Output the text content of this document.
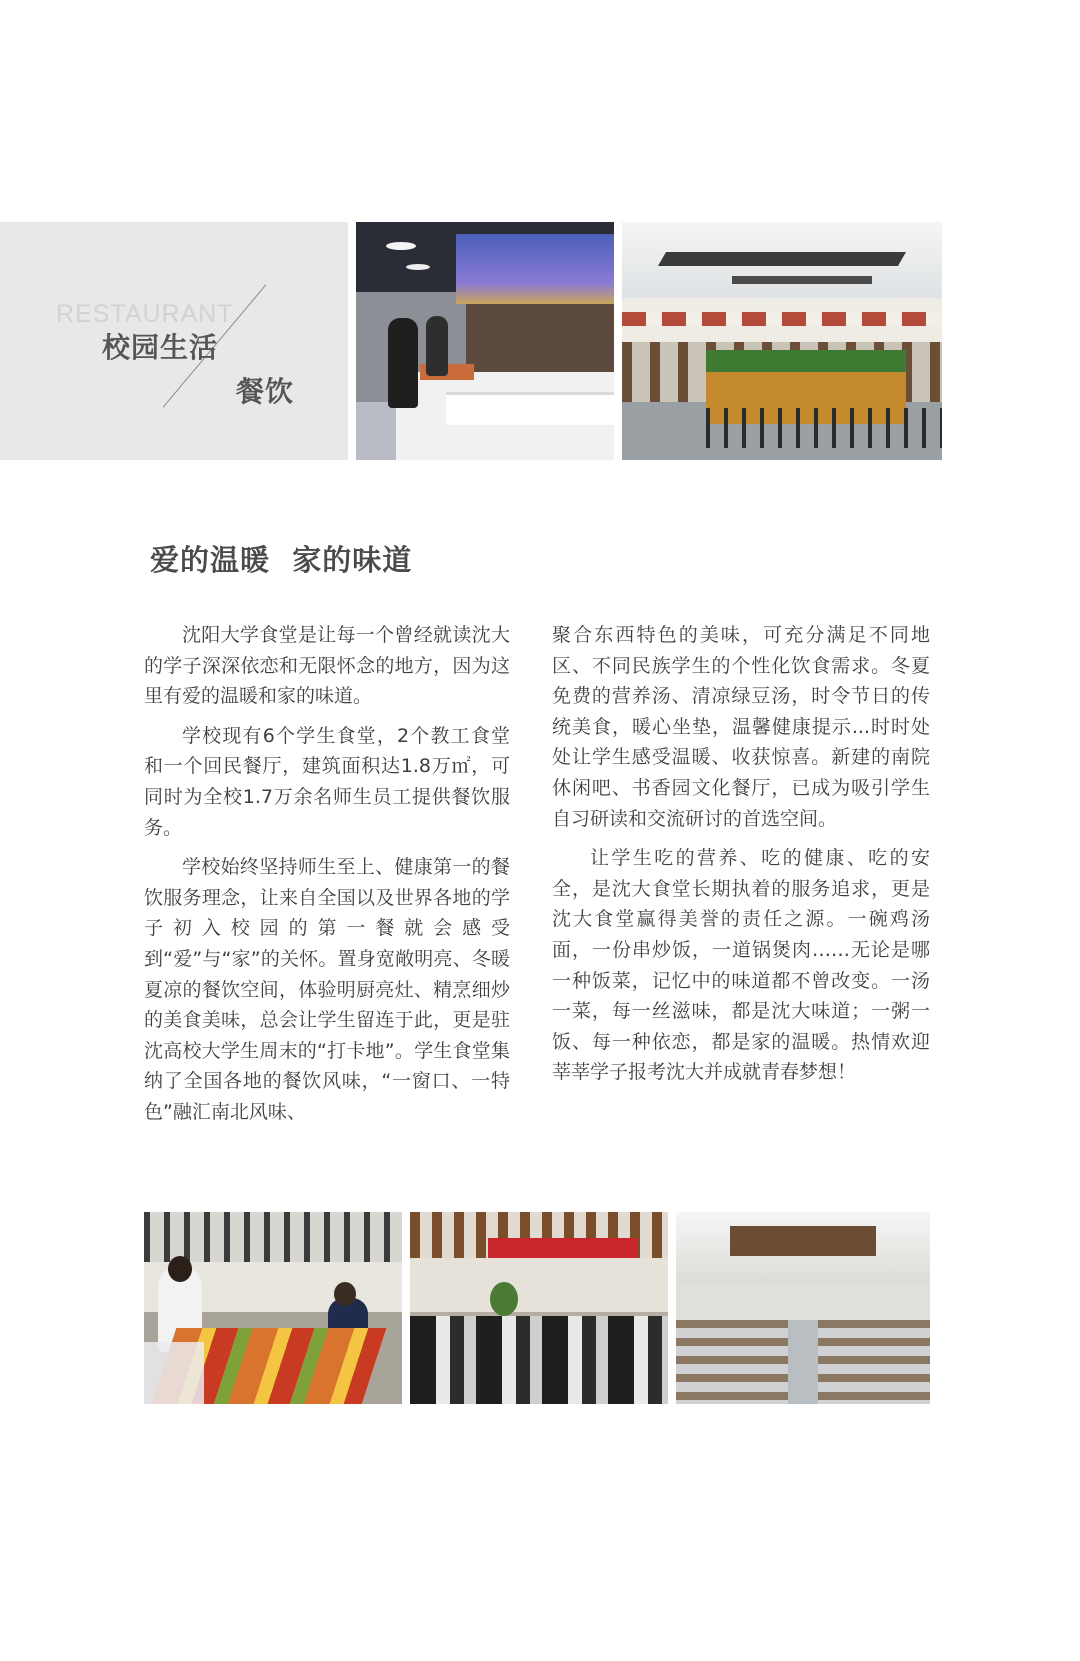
RESTAURANT
校园生活
餐饮
爱的温暖  家的味道

沈阳大学食堂是让每一个曾经就读沈大的学子深深依恋和无限怀念的地方，因为这里有爱的温暖和家的味道。

学校现有6个学生食堂，2个教工食堂和一个回民餐厅，建筑面积达1.8万㎡，可同时为全校1.7万余名师生员工提供餐饮服务。

学校始终坚持师生至上、健康第一的餐饮服务理念，让来自全国以及世界各地的学子初入校园的第一餐就会感受到“爱”与“家”的关怀。置身宽敞明亮、冬暖夏凉的餐饮空间，体验明厨亮灶、精烹细炒的美食美味，总会让学生留连于此，更是驻沈高校大学生周末的“打卡地”。学生食堂集纳了全国各地的餐饮风味，“一窗口、一特色”融汇南北风味、

聚合东西特色的美味，可充分满足不同地区、不同民族学生的个性化饮食需求。冬夏免费的营养汤、清凉绿豆汤，时令节日的传统美食，暖心坐垫，温馨健康提示...时时处处让学生感受温暖、收获惊喜。新建的南院休闲吧、书香园文化餐厅，已成为吸引学生自习研读和交流研讨的首选空间。

让学生吃的营养、吃的健康、吃的安全，是沈大食堂长期执着的服务追求，更是沈大食堂赢得美誉的责任之源。一碗鸡汤面，一份串炒饭，一道锅煲肉……无论是哪一种饭菜，记忆中的味道都不曾改变。一汤一菜，每一丝滋味，都是沈大味道；一粥一饭、每一种依恋，都是家的温暖。热情欢迎莘莘学子报考沈大并成就青春梦想！
